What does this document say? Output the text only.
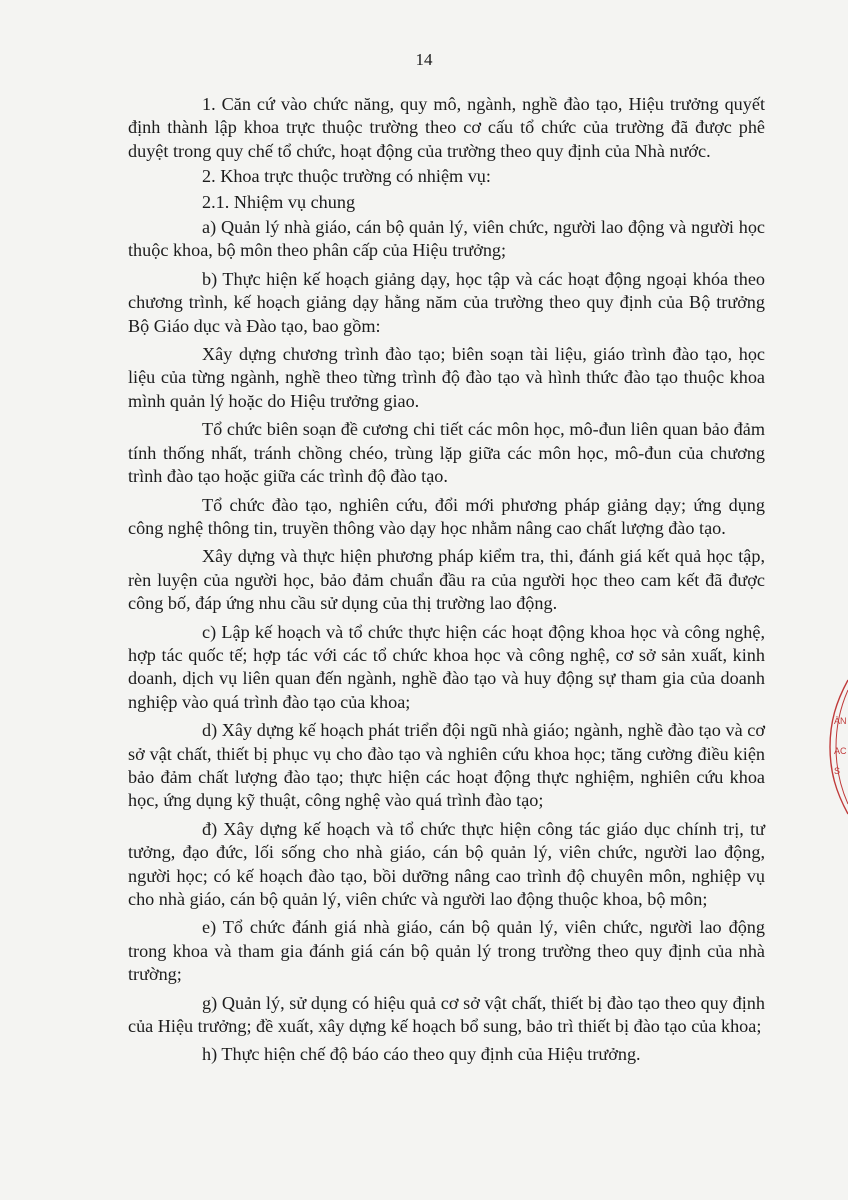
14

1. Căn cứ vào chức năng, quy mô, ngành, nghề đào tạo, Hiệu trưởng quyết định thành lập khoa trực thuộc trường theo cơ cấu tổ chức của trường đã được phê duyệt trong quy chế tổ chức, hoạt động của trường theo quy định của Nhà nước.

2. Khoa trực thuộc trường có nhiệm vụ:

2.1. Nhiệm vụ chung

a) Quản lý nhà giáo, cán bộ quản lý, viên chức, người lao động và người học thuộc khoa, bộ môn theo phân cấp của Hiệu trưởng;

b) Thực hiện kế hoạch giảng dạy, học tập và các hoạt động ngoại khóa theo chương trình, kế hoạch giảng dạy hằng năm của trường theo quy định của Bộ trưởng Bộ Giáo dục và Đào tạo, bao gồm:

Xây dựng chương trình đào tạo; biên soạn tài liệu, giáo trình đào tạo, học liệu của từng ngành, nghề theo từng trình độ đào tạo và hình thức đào tạo thuộc khoa mình quản lý hoặc do Hiệu trưởng giao.

Tổ chức biên soạn đề cương chi tiết các môn học, mô-đun liên quan bảo đảm tính thống nhất, tránh chồng chéo, trùng lặp giữa các môn học, mô-đun của chương trình đào tạo hoặc giữa các trình độ đào tạo.

Tổ chức đào tạo, nghiên cứu, đổi mới phương pháp giảng dạy; ứng dụng công nghệ thông tin, truyền thông vào dạy học nhằm nâng cao chất lượng đào tạo.

Xây dựng và thực hiện phương pháp kiểm tra, thi, đánh giá kết quả học tập, rèn luyện của người học, bảo đảm chuẩn đầu ra của người học theo cam kết đã được công bố, đáp ứng nhu cầu sử dụng của thị trường lao động.

c) Lập kế hoạch và tổ chức thực hiện các hoạt động khoa học và công nghệ, hợp tác quốc tế; hợp tác với các tổ chức khoa học và công nghệ, cơ sở sản xuất, kinh doanh, dịch vụ liên quan đến ngành, nghề đào tạo và huy động sự tham gia của doanh nghiệp vào quá trình đào tạo của khoa;

d) Xây dựng kế hoạch phát triển đội ngũ nhà giáo; ngành, nghề đào tạo và cơ sở vật chất, thiết bị phục vụ cho đào tạo và nghiên cứu khoa học; tăng cường điều kiện bảo đảm chất lượng đào tạo; thực hiện các hoạt động thực nghiệm, nghiên cứu khoa học, ứng dụng kỹ thuật, công nghệ vào quá trình đào tạo;

đ) Xây dựng kế hoạch và tổ chức thực hiện công tác giáo dục chính trị, tư tưởng, đạo đức, lối sống cho nhà giáo, cán bộ quản lý, viên chức, người lao động, người học; có kế hoạch đào tạo, bồi dưỡng nâng cao trình độ chuyên môn, nghiệp vụ cho nhà giáo, cán bộ quản lý, viên chức và người lao động thuộc khoa, bộ môn;

e) Tổ chức đánh giá nhà giáo, cán bộ quản lý, viên chức, người lao động trong khoa và tham gia đánh giá cán bộ quản lý trong trường theo quy định của nhà trường;

g) Quản lý, sử dụng có hiệu quả cơ sở vật chất, thiết bị đào tạo theo quy định của Hiệu trưởng; đề xuất, xây dựng kế hoạch bổ sung, bảo trì thiết bị đào tạo của khoa;

h) Thực hiện chế độ báo cáo theo quy định của Hiệu trưởng.

ÀN
AC
S
